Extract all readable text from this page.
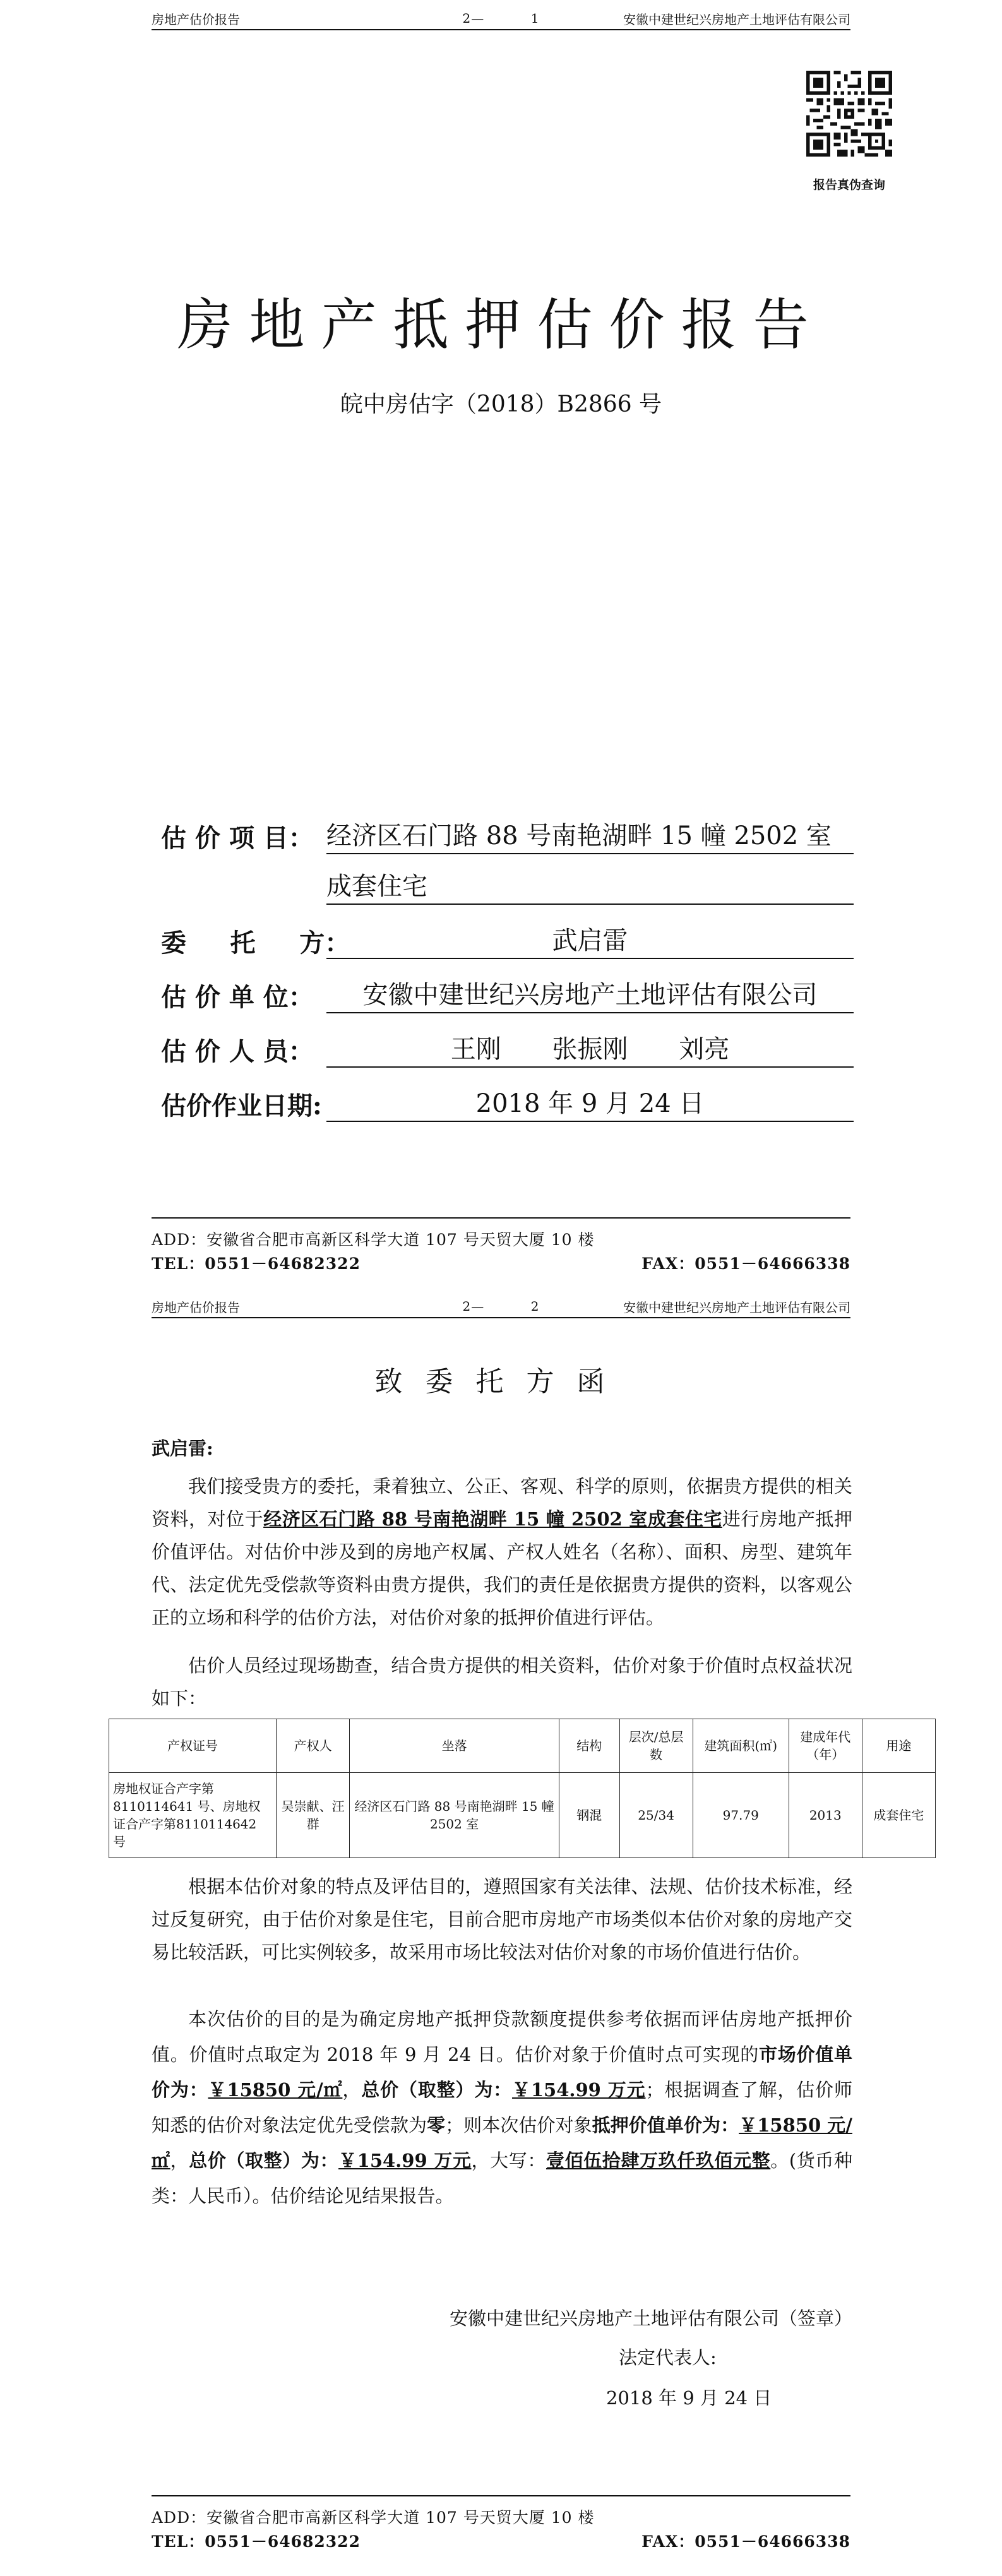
房地产估价报告	2—          1	安徽中建世纪兴房地产土地评估有限公司
报告真伪查询
房地产抵押估价报告
皖中房估字（2018）B2866 号
估 价 项 目： 经济区石门路 88 号南艳湖畔 15 幢 2502 室
成套住宅
委     托     方：	武启雷
估 价 单 位：	安徽中建世纪兴房地产土地评估有限公司
估 价 人 员：	王刚 张振刚 刘亮
估价作业日期:	2018 年 9 月 24 日
ADD：安徽省合肥市高新区科学大道 107 号天贸大厦 10 楼
TEL：0551－64682322	FAX：0551－64666338
房地产估价报告	2—          2	安徽中建世纪兴房地产土地评估有限公司
致委托方函
武启雷:
我们接受贵方的委托，秉着独立、公正、客观、科学的原则，依据贵方提供的相关资料，对位于经济区石门路 88 号南艳湖畔 15 幢 2502 室成套住宅进行房地产抵押价值评估。对估价中涉及到的房地产权属、产权人姓名（名称）、面积、房型、建筑年代、法定优先受偿款等资料由贵方提供，我们的责任是依据贵方提供的资料，以客观公正的立场和科学的估价方法，对估价对象的抵押价值进行评估。
估价人员经过现场勘查，结合贵方提供的相关资料，估价对象于价值时点权益状况如下：
产权证号	产权人	坐落	结构	层次/总层数	建筑面积(㎡)	建成年代（年）	用途
房地权证合产字第8110114641 号、房地权证合产字第8110114642 号	吴崇献、汪群	经济区石门路 88 号南艳湖畔 15 幢 2502 室	钢混	25/34	97.79	2013	成套住宅
根据本估价对象的特点及评估目的，遵照国家有关法律、法规、估价技术标准，经过反复研究，由于估价对象是住宅，目前合肥市房地产市场类似本估价对象的房地产交易比较活跃，可比实例较多，故采用市场比较法对估价对象的市场价值进行估价。
本次估价的目的是为确定房地产抵押贷款额度提供参考依据而评估房地产抵押价值。价值时点取定为 2018 年 9 月 24 日。估价对象于价值时点可实现的市场价值单价为：￥15850 元/㎡，总价（取整）为：￥154.99 万元；根据调查了解，估价师知悉的估价对象法定优先受偿款为零；则本次估价对象抵押价值单价为：￥15850 元/㎡，总价（取整）为：￥154.99 万元，大写：壹佰伍拾肆万玖仟玖佰元整。(货币种类：人民币）。估价结论见结果报告。
安徽中建世纪兴房地产土地评估有限公司（签章）
法定代表人:
2018 年 9 月 24 日
ADD：安徽省合肥市高新区科学大道 107 号天贸大厦 10 楼
TEL：0551－64682322	FAX：0551－64666338
